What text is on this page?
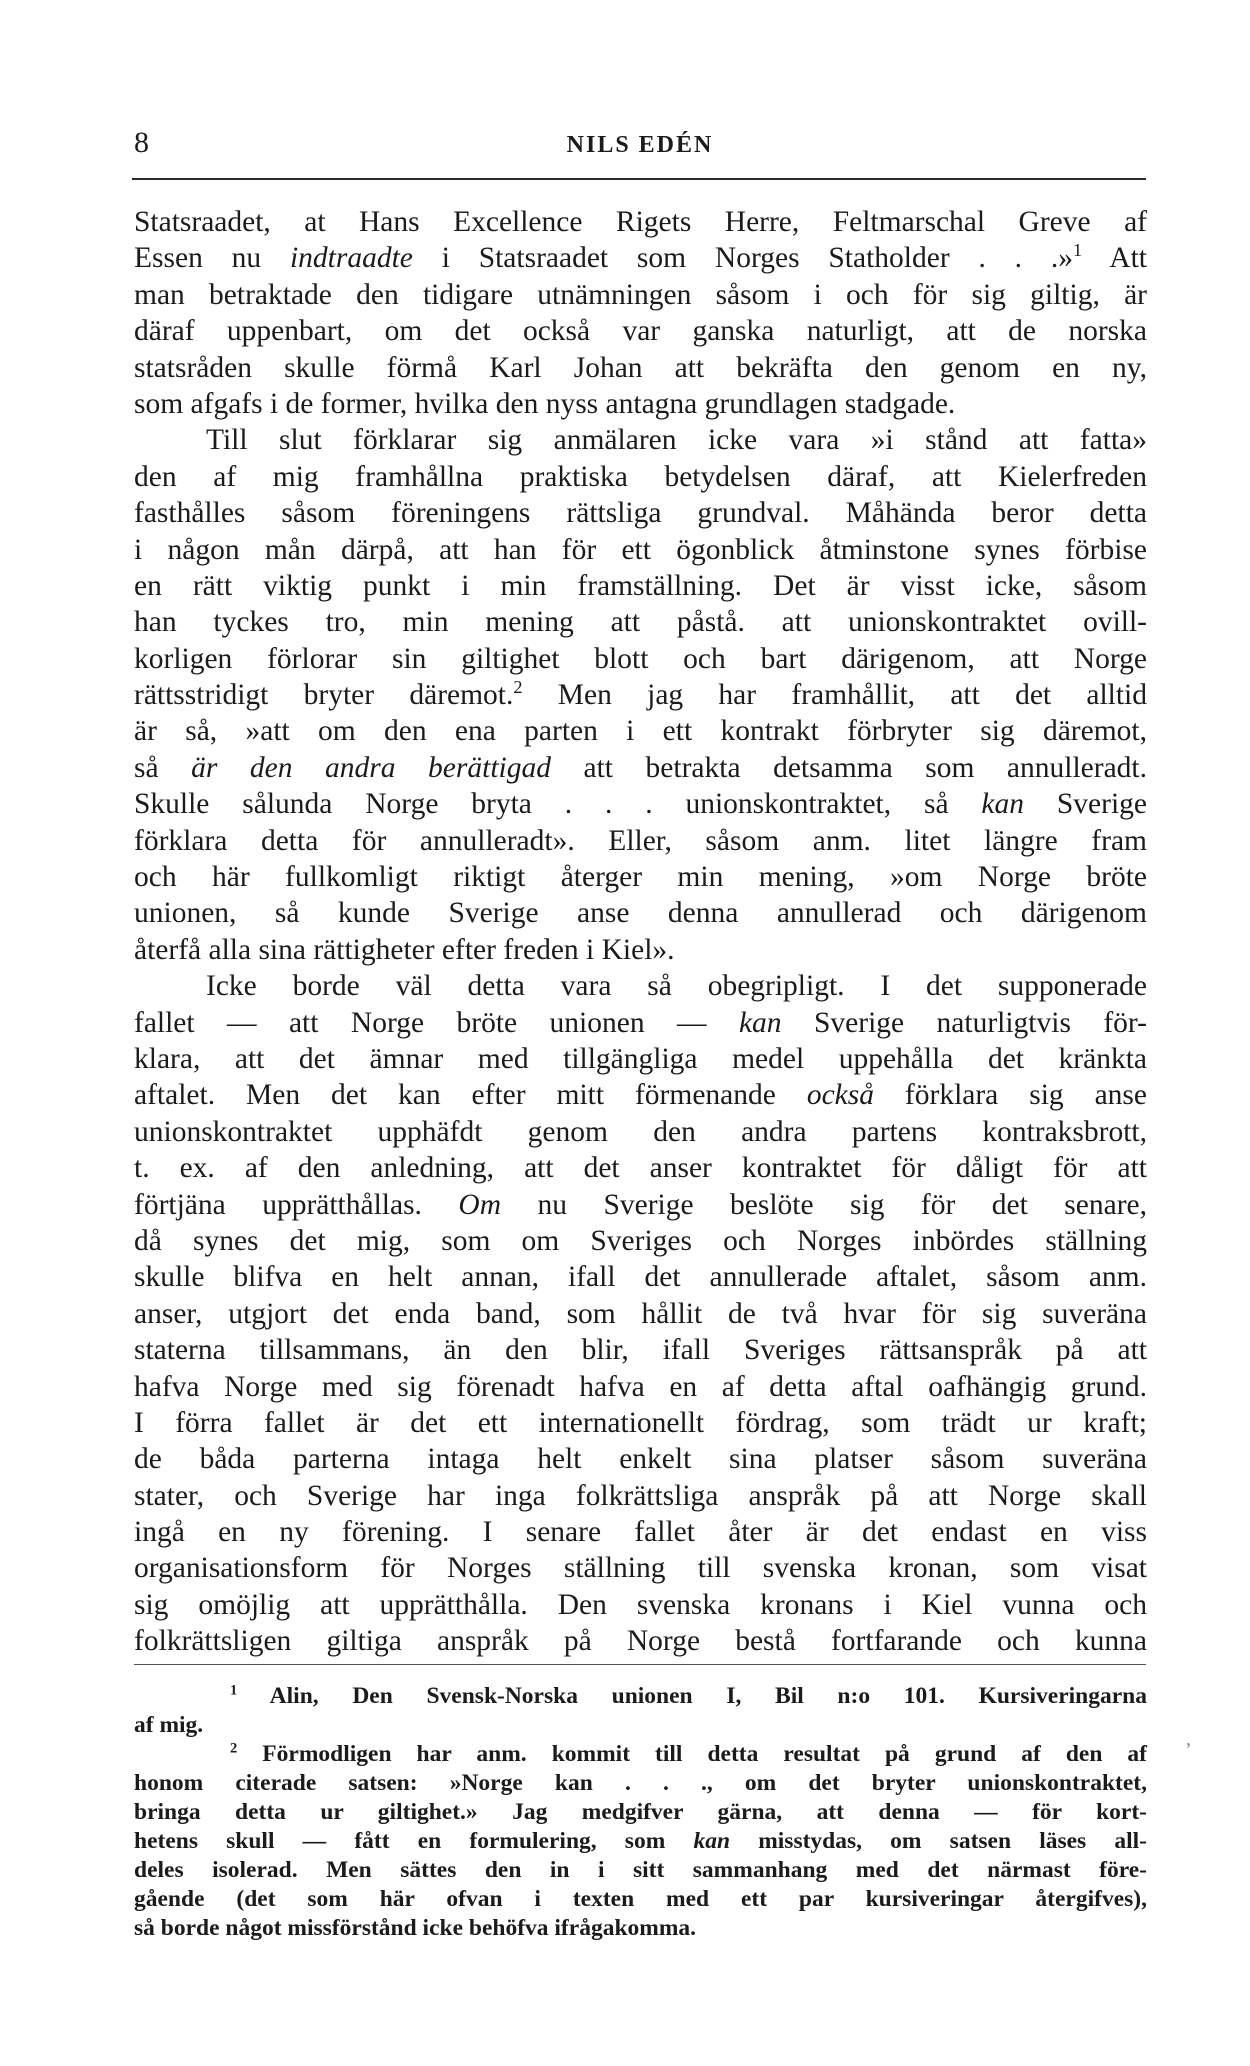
8	NILS EDÉN
Statsraadet, at Hans Excellence Rigets Herre, Feltmarschal Greve af
Essen nu indtraadte i Statsraadet som Norges Statholder . . .»$^1$ Att
man betraktade den tidigare utnämningen såsom i och för sig giltig, är
däraf uppenbart, om det också var ganska naturligt, att de norska
statsråden skulle förmå Karl Johan att bekräfta den genom en ny,
som afgafs i de former, hvilka den nyss antagna grundlagen stadgade.
Till slut förklarar sig anmälaren icke vara »i stånd att fatta»
den af mig framhållna praktiska betydelsen däraf, att Kielerfreden
fasthålles såsom föreningens rättsliga grundval. Måhända beror detta
i någon mån därpå, att han för ett ögonblick åtminstone synes förbise
en rätt viktig punkt i min framställning. Det är visst icke, såsom
han tyckes tro, min mening att påstå. att unionskontraktet ovill-
korligen förlorar sin giltighet blott och bart därigenom, att Norge
rättsstridigt bryter däremot.$^2$ Men jag har framhållit, att det alltid
är så, »att om den ena parten i ett kontrakt förbryter sig däremot,
så är den andra berättigad att betrakta detsamma som annulleradt.
Skulle sålunda Norge bryta . . . unionskontraktet, så kan Sverige
förklara detta för annulleradt». Eller, såsom anm. litet längre fram
och här fullkomligt riktigt återger min mening, »om Norge bröte
unionen, så kunde Sverige anse denna annullerad och därigenom
återfå alla sina rättigheter efter freden i Kiel».
Icke borde väl detta vara så obegripligt. I det supponerade
fallet — att Norge bröte unionen — kan Sverige naturligtvis för-
klara, att det ämnar med tillgängliga medel uppehålla det kränkta
aftalet. Men det kan efter mitt förmenande också förklara sig anse
unionskontraktet upphäfdt genom den andra partens kontraksbrott,
t. ex. af den anledning, att det anser kontraktet för dåligt för att
förtjäna upprätthållas. Om nu Sverige beslöte sig för det senare,
då synes det mig, som om Sveriges och Norges inbördes ställning
skulle blifva en helt annan, ifall det annullerade aftalet, såsom anm.
anser, utgjort det enda band, som hållit de två hvar för sig suveräna
staterna tillsammans, än den blir, ifall Sveriges rättsanspråk på att
hafva Norge med sig förenadt hafva en af detta aftal oafhängig grund.
I förra fallet är det ett internationellt fördrag, som trädt ur kraft;
de båda parterna intaga helt enkelt sina platser såsom suveräna
stater, och Sverige har inga folkrättsliga anspråk på att Norge skall
ingå en ny förening. I senare fallet åter är det endast en viss
organisationsform för Norges ställning till svenska kronan, som visat
sig omöjlig att upprätthålla. Den svenska kronans i Kiel vunna och
folkrättsligen giltiga anspråk på Norge bestå fortfarande och kunna
$^1$ Alin, Den Svensk-Norska unionen I, Bil n:o 101. Kursiveringarna
af mig.
$^2$ Förmodligen har anm. kommit till detta resultat på grund af den af
honom citerade satsen: »Norge kan . . ., om det bryter unionskontraktet,
bringa detta ur giltighet.» Jag medgifver gärna, att denna — för kort-
hetens skull — fått en formulering, som kan misstydas, om satsen läses all-
deles isolerad. Men sättes den in i sitt sammanhang med det närmast före-
gående (det som här ofvan i texten med ett par kursiveringar återgifves),
så borde något missförstånd icke behöfva ifrågakomma.
,
